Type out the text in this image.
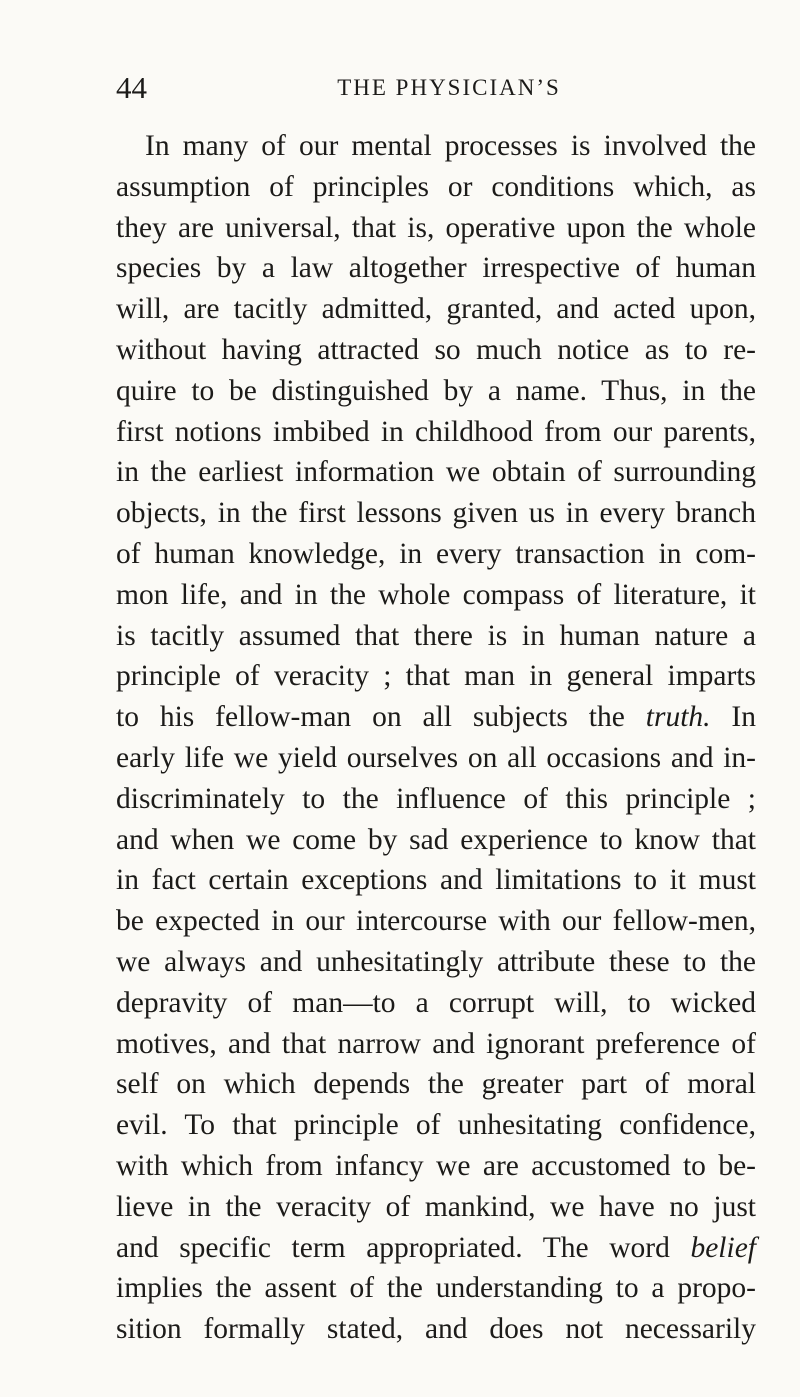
44	THE PHYSICIAN’S
In many of our mental processes is involved the
assumption of principles or conditions which, as
they are universal, that is, operative upon the whole
species by a law altogether irrespective of human
will, are tacitly admitted, granted, and acted upon,
without having attracted so much notice as to re-
quire to be distinguished by a name. Thus, in the
first notions imbibed in childhood from our parents,
in the earliest information we obtain of surrounding
objects, in the first lessons given us in every branch
of human knowledge, in every transaction in com-
mon life, and in the whole compass of literature, it
is tacitly assumed that there is in human nature a
principle of veracity ; that man in general imparts
to his fellow-man on all subjects the truth. In
early life we yield ourselves on all occasions and in-
discriminately to the influence of this principle ;
and when we come by sad experience to know that
in fact certain exceptions and limitations to it must
be expected in our intercourse with our fellow-men,
we always and unhesitatingly attribute these to the
depravity of man—to a corrupt will, to wicked
motives, and that narrow and ignorant preference of
self on which depends the greater part of moral
evil. To that principle of unhesitating confidence,
with which from infancy we are accustomed to be-
lieve in the veracity of mankind, we have no just
and specific term appropriated. The word belief
implies the assent of the understanding to a propo-
sition formally stated, and does not necessarily
